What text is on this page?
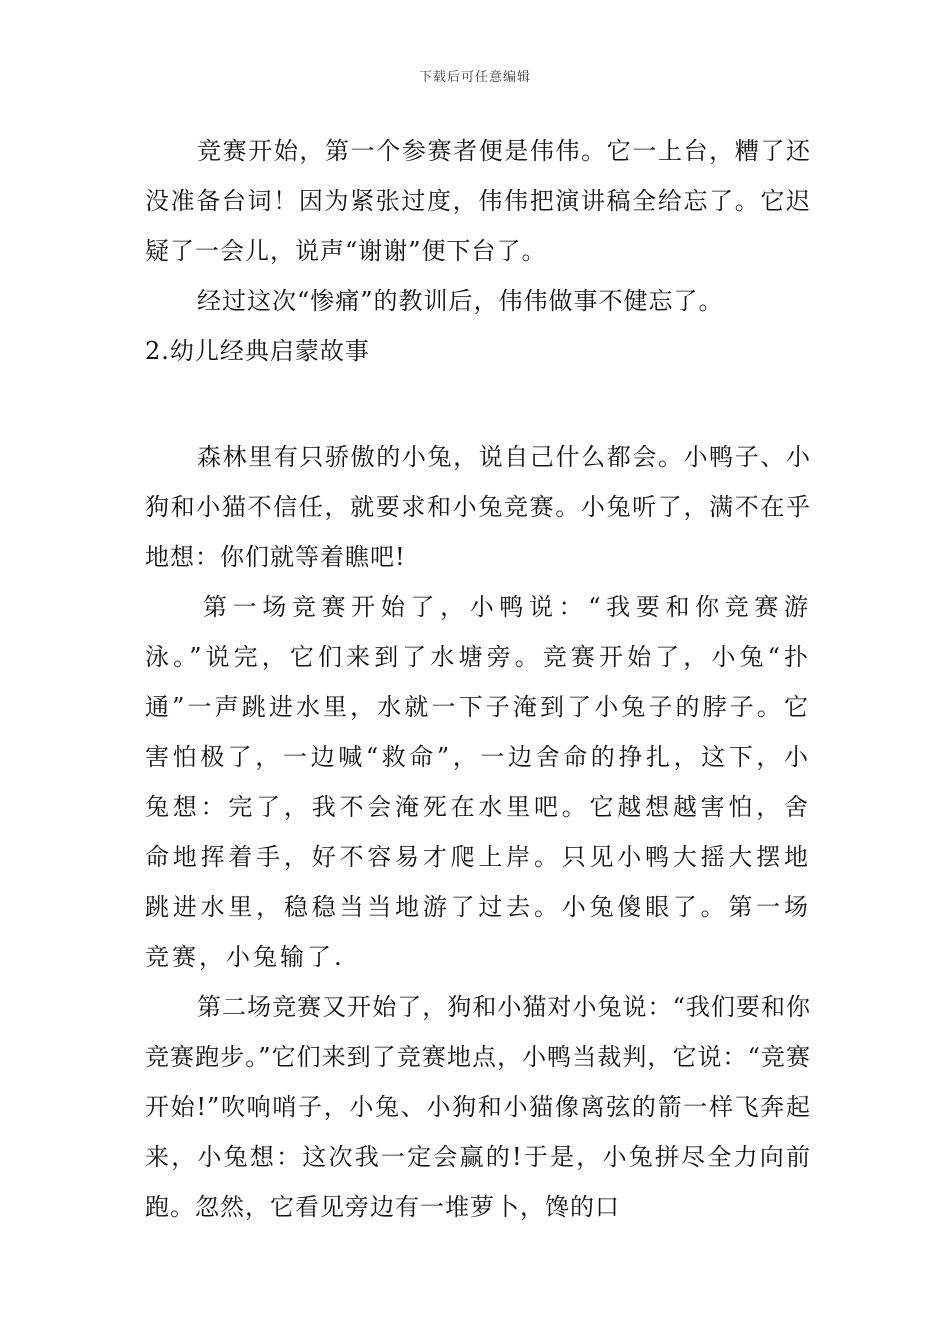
下载后可任意编辑

竞赛开始，第一个参赛者便是伟伟。它一上台，糟了还没准备台词！因为紧张过度，伟伟把演讲稿全给忘了。它迟疑了一会儿，说声“谢谢”便下台了。

经过这次“惨痛”的教训后，伟伟做事不健忘了。

2.幼儿经典启蒙故事

森林里有只骄傲的小兔，说自己什么都会。小鸭子、小狗和小猫不信任，就要求和小兔竞赛。小兔听了，满不在乎地想：你们就等着瞧吧!

第一场竞赛开始了，小鸭说：“我要和你竞赛游泳。”说完，它们来到了水塘旁。竞赛开始了，小兔“扑通”一声跳进水里，水就一下子淹到了小兔子的脖子。它害怕极了，一边喊“救命”，一边舍命的挣扎，这下，小兔想：完了，我不会淹死在水里吧。它越想越害怕，舍命地挥着手，好不容易才爬上岸。只见小鸭大摇大摆地跳进水里，稳稳当当地游了过去。小兔傻眼了。第一场竞赛，小兔输了.

第二场竞赛又开始了，狗和小猫对小兔说：“我们要和你竞赛跑步。”它们来到了竞赛地点，小鸭当裁判，它说：“竞赛开始!”吹响哨子，小兔、小狗和小猫像离弦的箭一样飞奔起来，小兔想：这次我一定会赢的!于是，小兔拼尽全力向前跑。忽然，它看见旁边有一堆萝卜，馋的口
